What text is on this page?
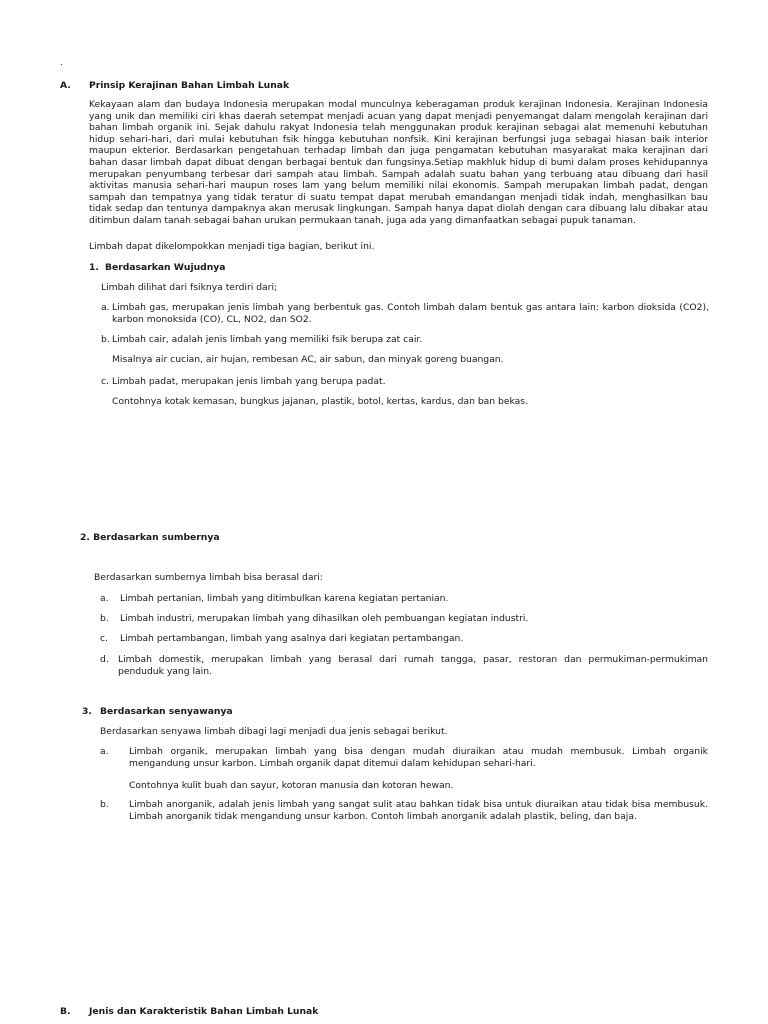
.
A. Prinsip Kerajinan Bahan Limbah Lunak
Kekayaan alam dan budaya Indonesia merupakan modal munculnya keberagaman produk kerajinan Indonesia. Kerajinan Indonesia yang unik dan memiliki ciri khas daerah setempat menjadi acuan yang dapat menjadi penyemangat dalam mengolah kerajinan dari bahan limbah organik ini. Sejak dahulu rakyat Indonesia telah menggunakan produk kerajinan sebagai alat memenuhi kebutuhan hidup sehari-hari, dari mulai kebutuhan fsik hingga kebutuhan nonfsik. Kini kerajinan berfungsi juga sebagai hiasan baik interior maupun ekterior. Berdasarkan pengetahuan terhadap limbah dan juga pengamatan kebutuhan masyarakat maka kerajinan dari bahan dasar limbah dapat dibuat dengan berbagai bentuk dan fungsinya.Setiap makhluk hidup di bumi dalam proses kehidupannya merupakan penyumbang terbesar dari sampah atau limbah. Sampah adalah suatu bahan yang terbuang atau dibuang dari hasil aktivitas manusia sehari-hari maupun roses lam yang belum memiliki nilai ekonomis. Sampah merupakan limbah padat, dengan sampah dan tempatnya yang tidak teratur di suatu tempat dapat merubah emandangan menjadi tidak indah, menghasilkan bau tidak sedap dan tentunya dampaknya akan merusak lingkungan. Sampah hanya dapat diolah dengan cara dibuang lalu dibakar atau ditimbun dalam tanah sebagai bahan urukan permukaan tanah, juga ada yang dimanfaatkan sebagai pupuk tanaman.
Limbah dapat dikelompokkan menjadi tiga bagian, berikut ini.
1. Berdasarkan Wujudnya
Limbah dilihat dari fsiknya terdiri dari;
a. Limbah gas, merupakan jenis limbah yang berbentuk gas. Contoh limbah dalam bentuk gas antara lain: karbon dioksida (CO2), karbon monoksida (CO), CL, NO2, dan SO2.
b. Limbah cair, adalah jenis limbah yang memiliki fsik berupa zat cair.
Misalnya air cucian, air hujan, rembesan AC, air sabun, dan minyak goreng buangan.
c. Limbah padat, merupakan jenis limbah yang berupa padat.
Contohnya kotak kemasan, bungkus jajanan, plastik, botol, kertas, kardus, dan ban bekas.
2. Berdasarkan sumbernya
Berdasarkan sumbernya limbah bisa berasal dari:
a. Limbah pertanian, limbah yang ditimbulkan karena kegiatan pertanian.
b. Limbah industri, merupakan limbah yang dihasilkan oleh pembuangan kegiatan industri.
c. Limbah pertambangan, limbah yang asalnya dari kegiatan pertambangan.
d. Limbah domestik, merupakan limbah yang berasal dari rumah tangga, pasar, restoran dan permukiman-permukiman penduduk yang lain.
3. Berdasarkan senyawanya
Berdasarkan senyawa limbah dibagi lagi menjadi dua jenis sebagai berikut.
a. Limbah organik, merupakan limbah yang bisa dengan mudah diuraikan atau mudah membusuk. Limbah organik mengandung unsur karbon. Limbah organik dapat ditemui dalam kehidupan sehari-hari.
Contohnya kulit buah dan sayur, kotoran manusia dan kotoran hewan.
b. Limbah anorganik, adalah jenis limbah yang sangat sulit atau bahkan tidak bisa untuk diuraikan atau tidak bisa membusuk. Limbah anorganik tidak mengandung unsur karbon. Contoh limbah anorganik adalah plastik, beling, dan baja.
B. Jenis dan Karakteristik Bahan Limbah Lunak
